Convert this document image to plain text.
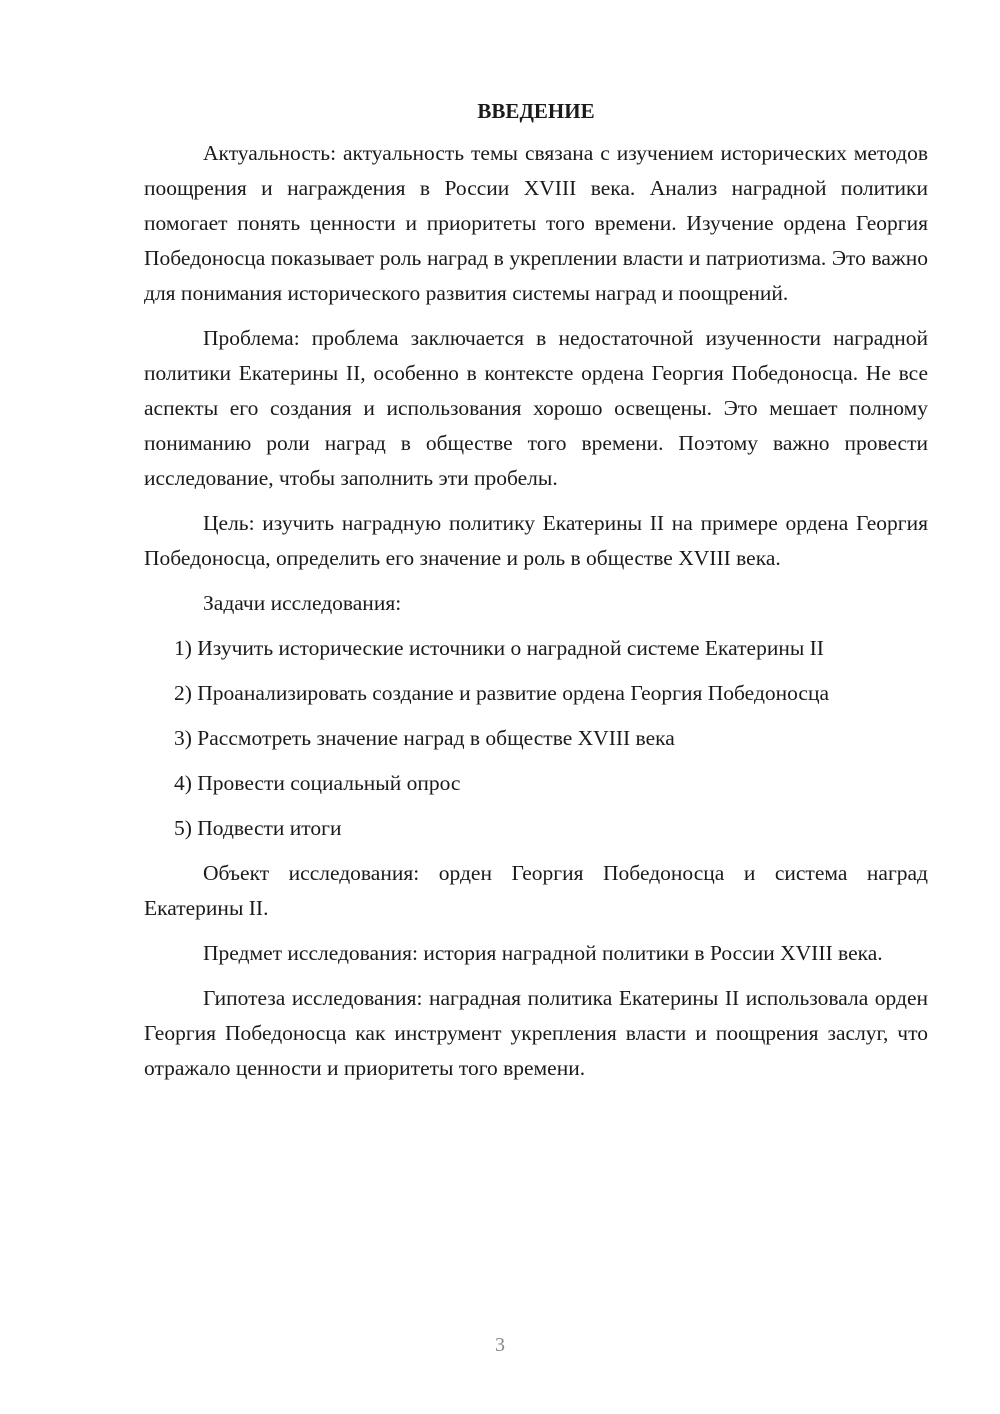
ВВЕДЕНИЕ

Актуальность: актуальность темы связана с изучением исторических методов поощрения и награждения в России XVIII века. Анализ наградной политики помогает понять ценности и приоритеты того времени. Изучение ордена Георгия Победоносца показывает роль наград в укреплении власти и патриотизма. Это важно для понимания исторического развития системы наград и поощрений.

Проблема: проблема заключается в недостаточной изученности наградной политики Екатерины II, особенно в контексте ордена Георгия Победоносца. Не все аспекты его создания и использования хорошо освещены. Это мешает полному пониманию роли наград в обществе того времени. Поэтому важно провести исследование, чтобы заполнить эти пробелы.

Цель: изучить наградную политику Екатерины II на примере ордена Георгия Победоносца, определить его значение и роль в обществе XVIII века.

Задачи исследования:

1) Изучить исторические источники о наградной системе Екатерины II

2) Проанализировать создание и развитие ордена Георгия Победоносца

3) Рассмотреть значение наград в обществе XVIII века

4) Провести социальный опрос

5) Подвести итоги

Объект исследования: орден Георгия Победоносца и система наград Екатерины II.

Предмет исследования: история наградной политики в России XVIII века.

Гипотеза исследования: наградная политика Екатерины II использовала орден Георгия Победоносца как инструмент укрепления власти и поощрения заслуг, что отражало ценности и приоритеты того времени.

3
